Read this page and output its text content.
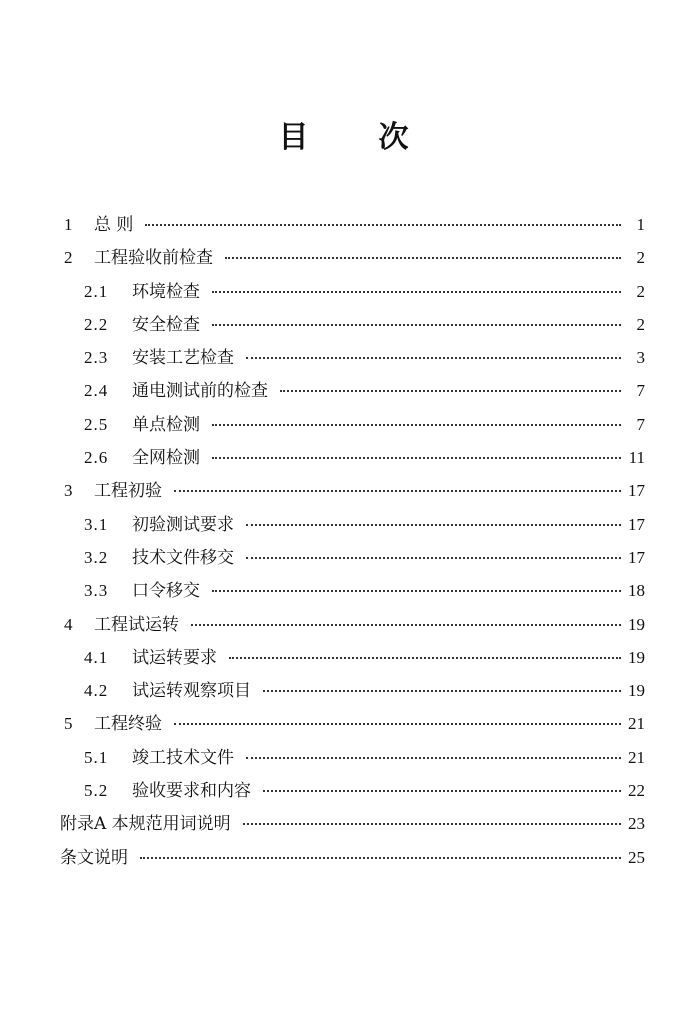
目 次
1	总 则	1
2	工程验收前检查	2
2.1	环境检查	2
2.2	安全检查	2
2.3	安装工艺检查	3
2.4	通电测试前的检查	7
2.5	单点检测	7
2.6	全网检测	11
3	工程初验	17
3.1	初验测试要求	17
3.2	技术文件移交	17
3.3	口令移交	18
4	工程试运转	19
4.1	试运转要求	19
4.2	试运转观察项目	19
5	工程终验	21
5.1	竣工技术文件	21
5.2	验收要求和内容	22
附录A 本规范用词说明	23
条文说明	25
